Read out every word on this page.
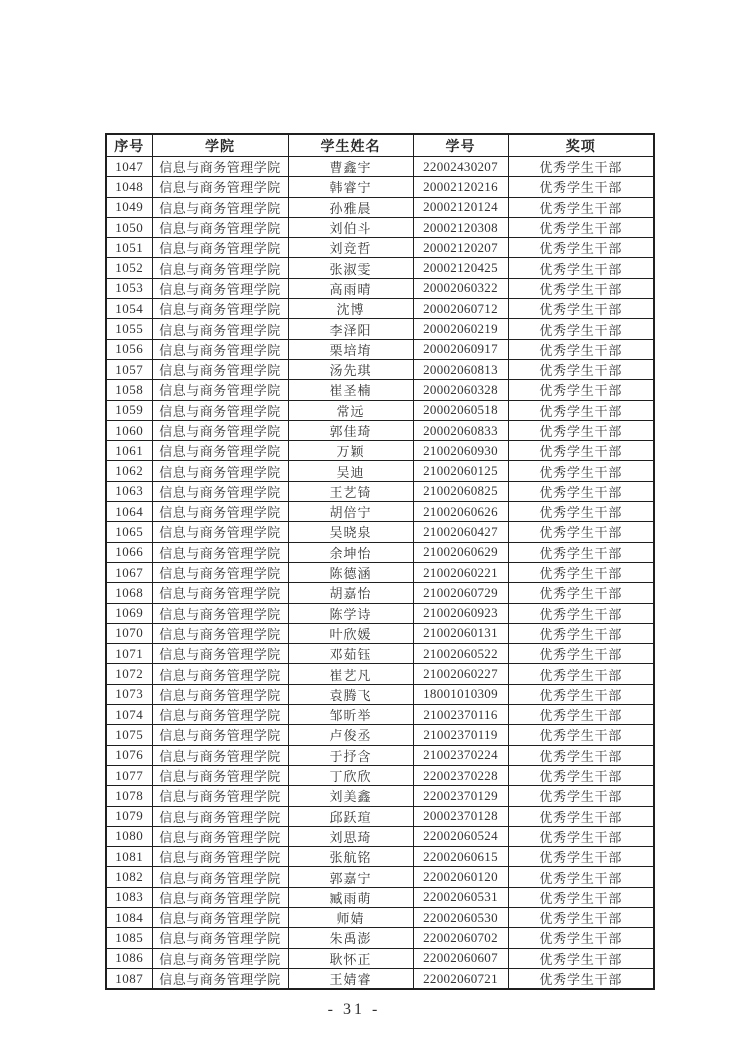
序号	学院	学生姓名	学号	奖项
1047	信息与商务管理学院	曹鑫宇	22002430207	优秀学生干部
1048	信息与商务管理学院	韩睿宁	20002120216	优秀学生干部
1049	信息与商务管理学院	孙雅晨	20002120124	优秀学生干部
1050	信息与商务管理学院	刘伯斗	20002120308	优秀学生干部
1051	信息与商务管理学院	刘竞哲	20002120207	优秀学生干部
1052	信息与商务管理学院	张淑雯	20002120425	优秀学生干部
1053	信息与商务管理学院	高雨晴	20002060322	优秀学生干部
1054	信息与商务管理学院	沈博	20002060712	优秀学生干部
1055	信息与商务管理学院	李泽阳	20002060219	优秀学生干部
1056	信息与商务管理学院	栗培堉	20002060917	优秀学生干部
1057	信息与商务管理学院	汤先琪	20002060813	优秀学生干部
1058	信息与商务管理学院	崔圣楠	20002060328	优秀学生干部
1059	信息与商务管理学院	常远	20002060518	优秀学生干部
1060	信息与商务管理学院	郭佳琦	20002060833	优秀学生干部
1061	信息与商务管理学院	万颖	21002060930	优秀学生干部
1062	信息与商务管理学院	吴迪	21002060125	优秀学生干部
1063	信息与商务管理学院	王艺锜	21002060825	优秀学生干部
1064	信息与商务管理学院	胡倍宁	21002060626	优秀学生干部
1065	信息与商务管理学院	吴晓泉	21002060427	优秀学生干部
1066	信息与商务管理学院	余坤怡	21002060629	优秀学生干部
1067	信息与商务管理学院	陈德涵	21002060221	优秀学生干部
1068	信息与商务管理学院	胡嘉怡	21002060729	优秀学生干部
1069	信息与商务管理学院	陈学诗	21002060923	优秀学生干部
1070	信息与商务管理学院	叶欣媛	21002060131	优秀学生干部
1071	信息与商务管理学院	邓茹钰	21002060522	优秀学生干部
1072	信息与商务管理学院	崔艺凡	21002060227	优秀学生干部
1073	信息与商务管理学院	袁腾飞	18001010309	优秀学生干部
1074	信息与商务管理学院	邹昕举	21002370116	优秀学生干部
1075	信息与商务管理学院	卢俊丞	21002370119	优秀学生干部
1076	信息与商务管理学院	于抒含	21002370224	优秀学生干部
1077	信息与商务管理学院	丁欣欣	22002370228	优秀学生干部
1078	信息与商务管理学院	刘美鑫	22002370129	优秀学生干部
1079	信息与商务管理学院	邱跃瑄	20002370128	优秀学生干部
1080	信息与商务管理学院	刘思琦	22002060524	优秀学生干部
1081	信息与商务管理学院	张航铭	22002060615	优秀学生干部
1082	信息与商务管理学院	郭嘉宁	22002060120	优秀学生干部
1083	信息与商务管理学院	臧雨萌	22002060531	优秀学生干部
1084	信息与商务管理学院	师婧	22002060530	优秀学生干部
1085	信息与商务管理学院	朱禹澎	22002060702	优秀学生干部
1086	信息与商务管理学院	耿怀正	22002060607	优秀学生干部
1087	信息与商务管理学院	王婧睿	22002060721	优秀学生干部
- 31 -
